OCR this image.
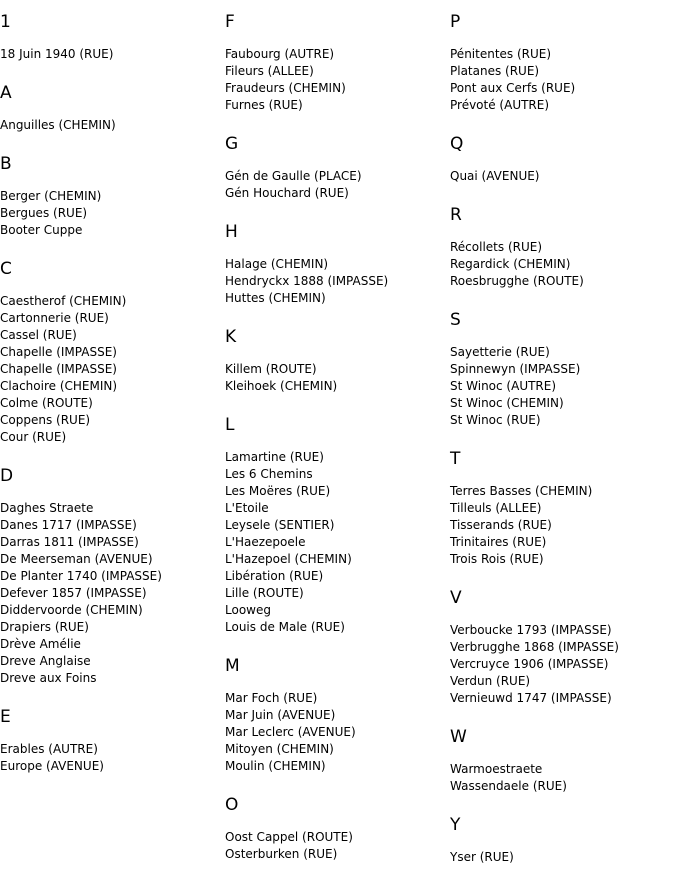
1
18 Juin 1940 (RUE)
A
Anguilles (CHEMIN)
B
Berger (CHEMIN)
Bergues (RUE)
Booter Cuppe
C
Caestherof (CHEMIN)
Cartonnerie (RUE)
Cassel (RUE)
Chapelle (IMPASSE)
Chapelle (IMPASSE)
Clachoire (CHEMIN)
Colme (ROUTE)
Coppens (RUE)
Cour (RUE)
D
Daghes Straete
Danes 1717 (IMPASSE)
Darras 1811 (IMPASSE)
De Meerseman (AVENUE)
De Planter 1740 (IMPASSE)
Defever 1857 (IMPASSE)
Diddervoorde (CHEMIN)
Drapiers (RUE)
Drève Amélie
Dreve Anglaise
Dreve aux Foins
E
Erables (AUTRE)
Europe (AVENUE)
F
Faubourg (AUTRE)
Fileurs (ALLEE)
Fraudeurs (CHEMIN)
Furnes (RUE)
G
Gén de Gaulle (PLACE)
Gén Houchard (RUE)
H
Halage (CHEMIN)
Hendryckx 1888 (IMPASSE)
Huttes (CHEMIN)
K
Killem (ROUTE)
Kleihoek (CHEMIN)
L
Lamartine (RUE)
Les 6 Chemins
Les Moëres (RUE)
L'Etoile
Leysele (SENTIER)
L'Haezepoele
L'Hazepoel (CHEMIN)
Libération (RUE)
Lille (ROUTE)
Looweg
Louis de Male (RUE)
M
Mar Foch (RUE)
Mar Juin (AVENUE)
Mar Leclerc (AVENUE)
Mitoyen (CHEMIN)
Moulin (CHEMIN)
O
Oost Cappel (ROUTE)
Osterburken (RUE)
P
Pénitentes (RUE)
Platanes (RUE)
Pont aux Cerfs (RUE)
Prévoté (AUTRE)
Q
Quai (AVENUE)
R
Récollets (RUE)
Regardick (CHEMIN)
Roesbrugghe (ROUTE)
S
Sayetterie (RUE)
Spinnewyn (IMPASSE)
St Winoc (AUTRE)
St Winoc (CHEMIN)
St Winoc (RUE)
T
Terres Basses (CHEMIN)
Tilleuls (ALLEE)
Tisserands (RUE)
Trinitaires (RUE)
Trois Rois (RUE)
V
Verboucke 1793 (IMPASSE)
Verbrugghe 1868 (IMPASSE)
Vercruyce 1906 (IMPASSE)
Verdun (RUE)
Vernieuwd 1747 (IMPASSE)
W
Warmoestraete
Wassendaele (RUE)
Y
Yser (RUE)
